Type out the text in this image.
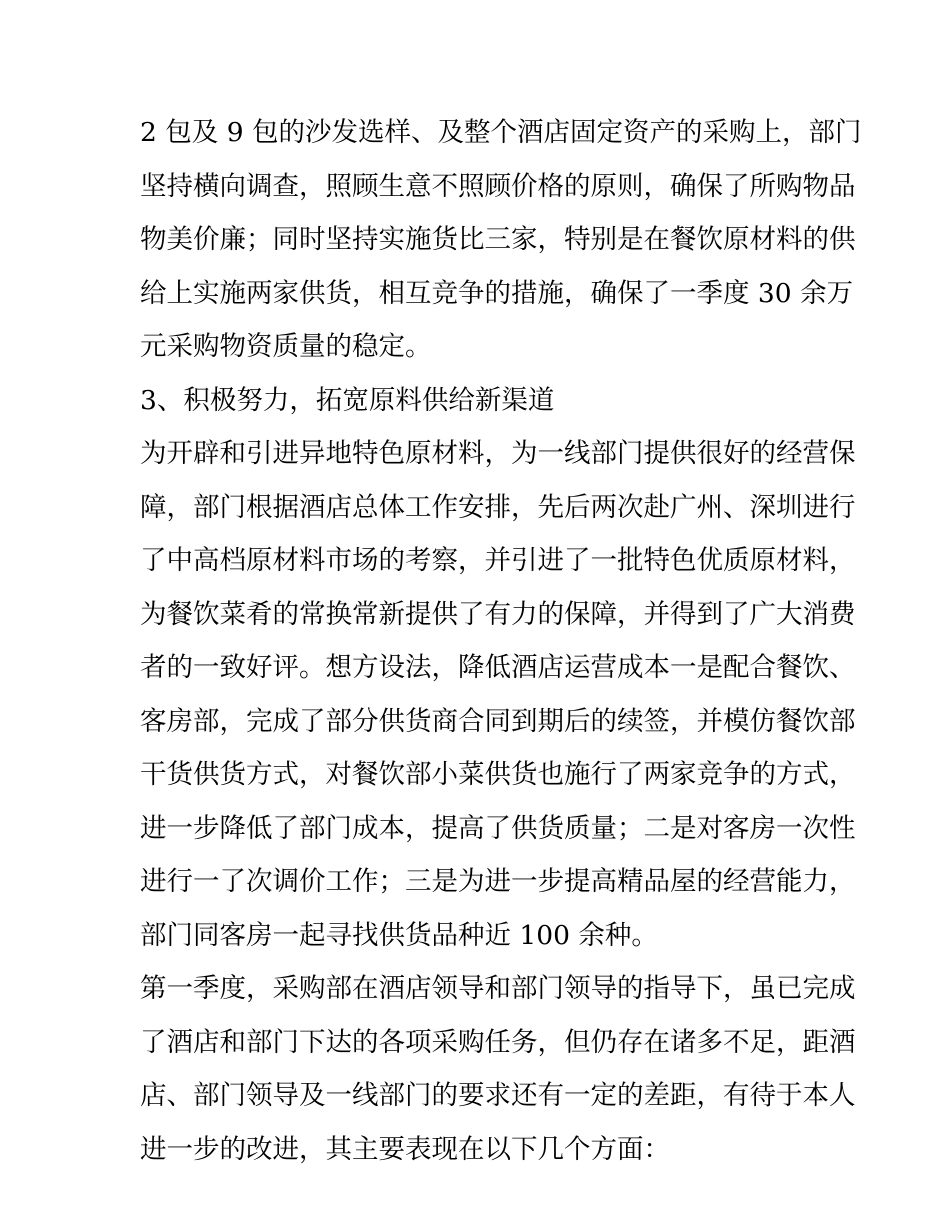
2 包及 9 包的沙发选样、及整个酒店固定资产的采购上，部门
坚持横向调查，照顾生意不照顾价格的原则，确保了所购物品
物美价廉；同时坚持实施货比三家，特别是在餐饮原材料的供
给上实施两家供货，相互竞争的措施，确保了一季度 30 余万
元采购物资质量的稳定。
3、积极努力，拓宽原料供给新渠道
为开辟和引进异地特色原材料，为一线部门提供很好的经营保
障，部门根据酒店总体工作安排，先后两次赴广州、深圳进行
了中高档原材料市场的考察，并引进了一批特色优质原材料，
为餐饮菜肴的常换常新提供了有力的保障，并得到了广大消费
者的一致好评。想方设法，降低酒店运营成本一是配合餐饮、
客房部，完成了部分供货商合同到期后的续签，并模仿餐饮部
干货供货方式，对餐饮部小菜供货也施行了两家竞争的方式，
进一步降低了部门成本，提高了供货质量；二是对客房一次性
进行一了次调价工作；三是为进一步提高精品屋的经营能力，
部门同客房一起寻找供货品种近 100 余种。
第一季度，采购部在酒店领导和部门领导的指导下，虽已完成
了酒店和部门下达的各项采购任务，但仍存在诸多不足，距酒
店、部门领导及一线部门的要求还有一定的差距，有待于本人
进一步的改进，其主要表现在以下几个方面：
